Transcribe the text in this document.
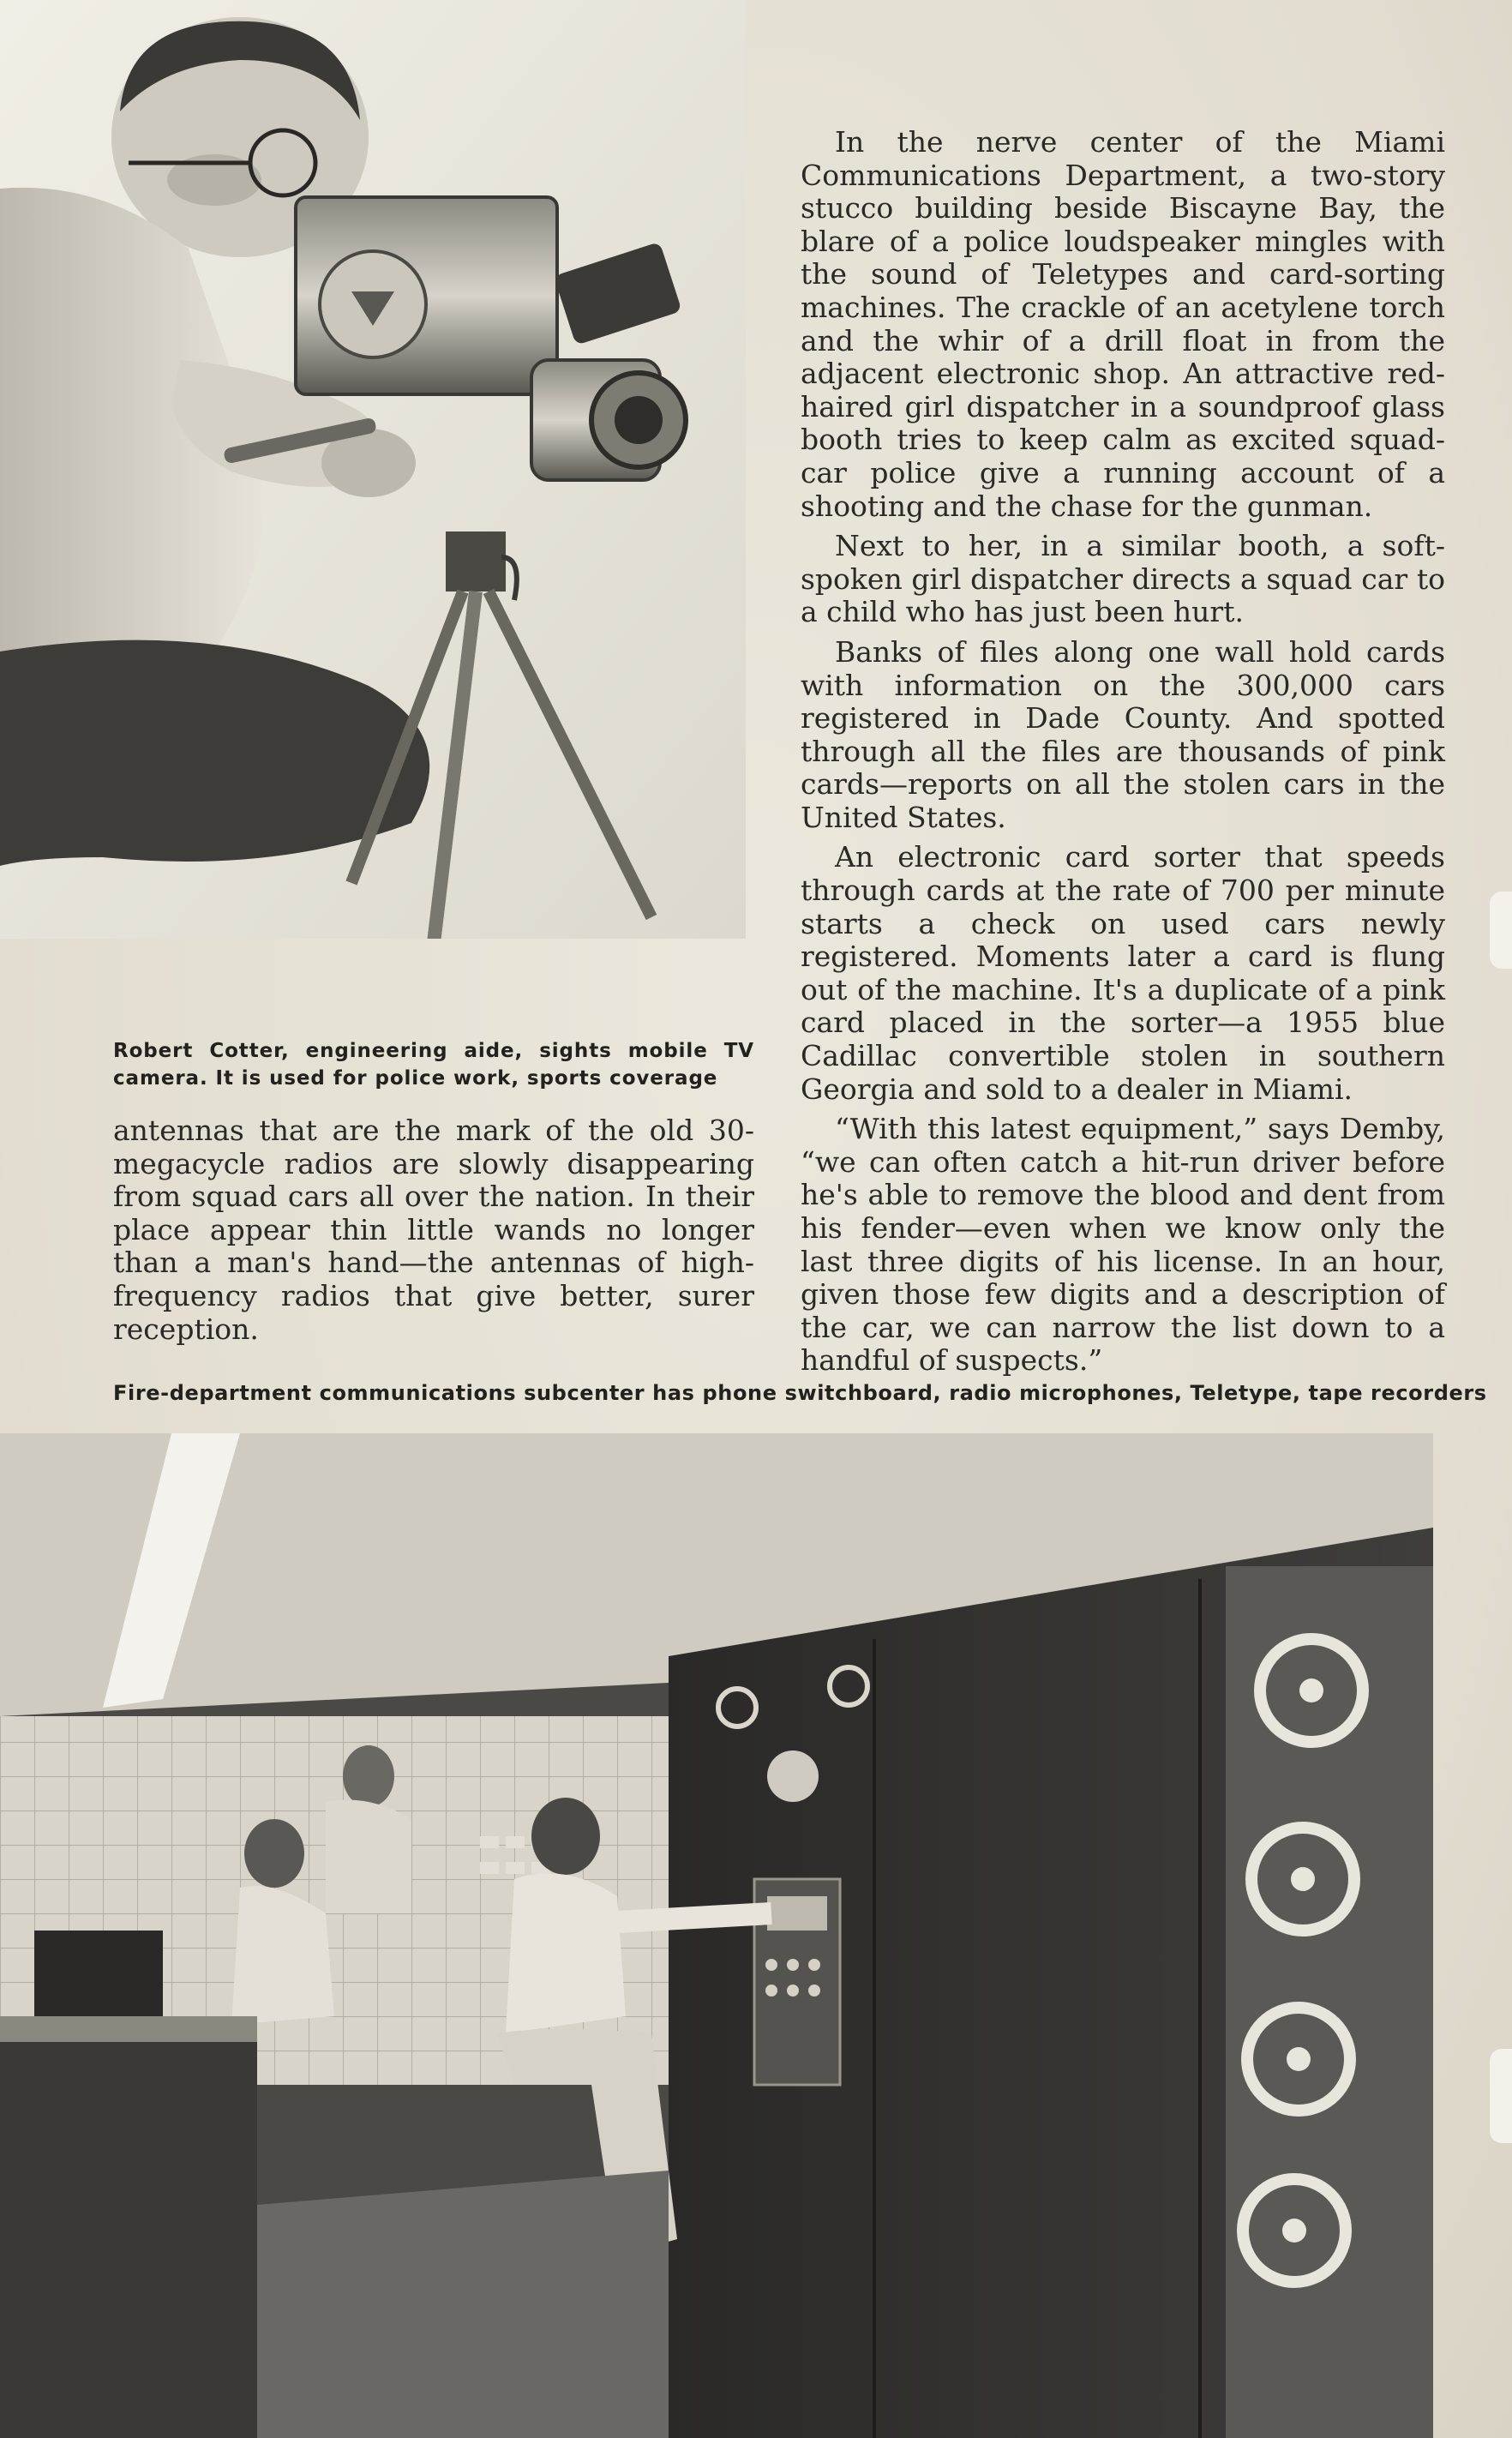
Robert Cotter, engineering aide, sights mobile TV camera. It is used for police work, sports coverage

In the nerve center of the Miami Communications Department, a two-story stucco building beside Biscayne Bay, the blare of a police loudspeaker mingles with the sound of Teletypes and card-sorting machines. The crackle of an acetylene torch and the whir of a drill float in from the adjacent electronic shop. An attractive red-haired girl dispatcher in a soundproof glass booth tries to keep calm as excited squad-car police give a running account of a shooting and the chase for the gunman.

Next to her, in a similar booth, a soft-spoken girl dispatcher directs a squad car to a child who has just been hurt.

Banks of files along one wall hold cards with information on the 300,000 cars registered in Dade County. And spotted through all the files are thousands of pink cards—reports on all the stolen cars in the United States.

An electronic card sorter that speeds through cards at the rate of 700 per minute starts a check on used cars newly registered. Moments later a card is flung out of the machine. It's a duplicate of a pink card placed in the sorter—a 1955 blue Cadillac convertible stolen in southern Georgia and sold to a dealer in Miami.

“With this latest equipment,” says Demby, “we can often catch a hit-run driver before he's able to remove the blood and dent from his fender—even when we know only the last three digits of his license. In an hour, given those few digits and a description of the car, we can narrow the list down to a handful of suspects.”

antennas that are the mark of the old 30-megacycle radios are slowly disappearing from squad cars all over the nation. In their place appear thin little wands no longer than a man's hand—the antennas of high-frequency radios that give better, surer reception.

Fire-department communications subcenter has phone switchboard, radio microphones, Teletype, tape recorders
